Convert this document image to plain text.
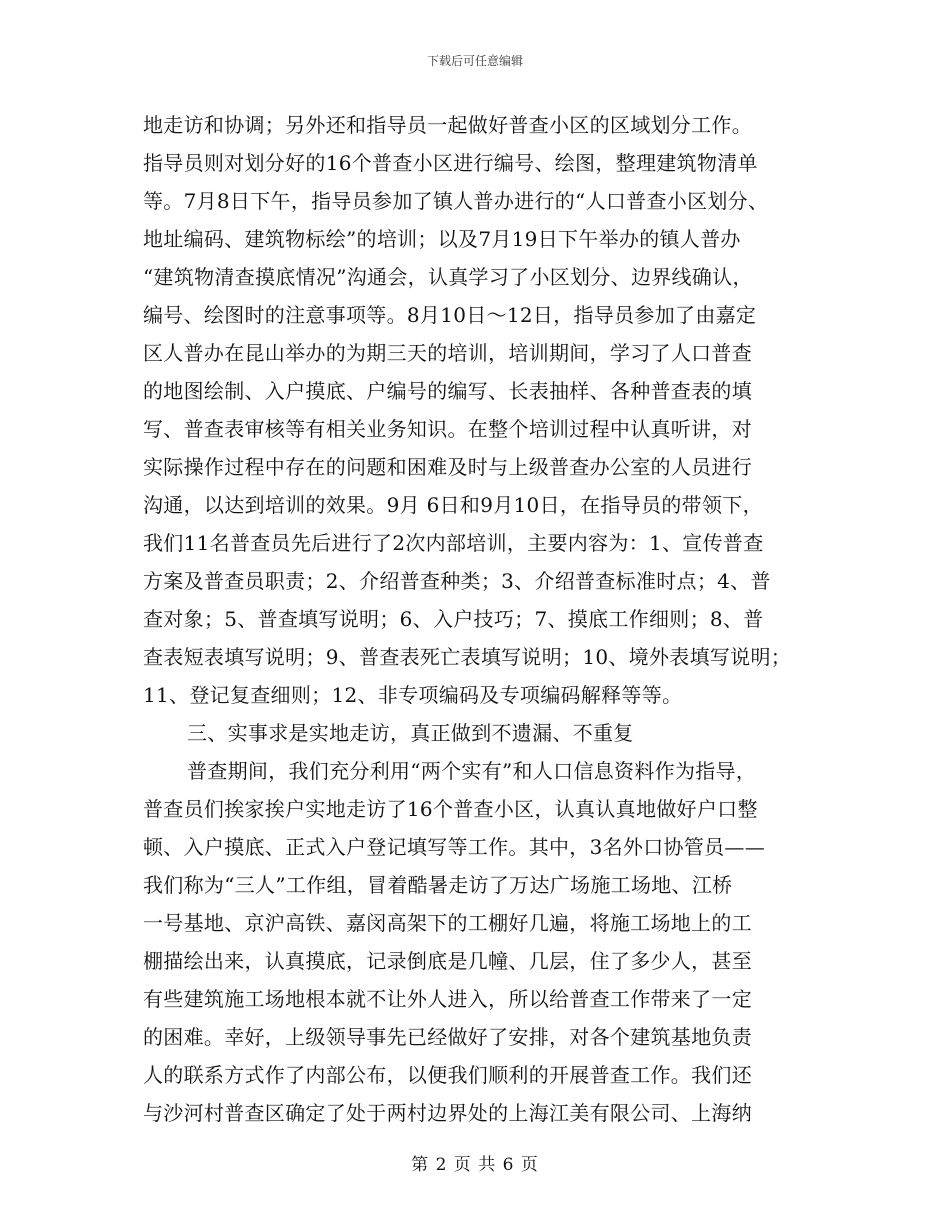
下载后可任意编辑
地走访和协调；另外还和指导员一起做好普查小区的区域划分工作。
指导员则对划分好的16个普查小区进行编号、绘图，整理建筑物清单
等。7月8日下午，指导员参加了镇人普办进行的“人口普查小区划分、
地址编码、建筑物标绘”的培训；以及7月19日下午举办的镇人普办
“建筑物清查摸底情况”沟通会，认真学习了小区划分、边界线确认，
编号、绘图时的注意事项等。8月10日～12日，指导员参加了由嘉定
区人普办在昆山举办的为期三天的培训，培训期间，学习了人口普查
的地图绘制、入户摸底、户编号的编写、长表抽样、各种普查表的填
写、普查表审核等有相关业务知识。在整个培训过程中认真听讲，对
实际操作过程中存在的问题和困难及时与上级普查办公室的人员进行
沟通，以达到培训的效果。9月 6日和9月10日，在指导员的带领下，
我们11名普查员先后进行了2次内部培训，主要内容为：1、宣传普查
方案及普查员职责；2、介绍普查种类；3、介绍普查标准时点；4、普
查对象；5、普查填写说明；6、入户技巧；7、摸底工作细则；8、普
查表短表填写说明；9、普查表死亡表填写说明；10、境外表填写说明；
11、登记复查细则；12、非专项编码及专项编码解释等等。
三、实事求是实地走访，真正做到不遗漏、不重复
普查期间，我们充分利用“两个实有”和人口信息资料作为指导，
普查员们挨家挨户实地走访了16个普查小区，认真认真地做好户口整
顿、入户摸底、正式入户登记填写等工作。其中，3名外口协管员——
我们称为“三人”工作组，冒着酷暑走访了万达广场施工场地、江桥
一号基地、京沪高铁、嘉闵高架下的工棚好几遍，将施工场地上的工
棚描绘出来，认真摸底，记录倒底是几幢、几层，住了多少人，甚至
有些建筑施工场地根本就不让外人进入，所以给普查工作带来了一定
的困难。幸好，上级领导事先已经做好了安排，对各个建筑基地负责
人的联系方式作了内部公布，以便我们顺利的开展普查工作。我们还
与沙河村普查区确定了处于两村边界处的上海江美有限公司、上海纳
第 2 页 共 6 页
